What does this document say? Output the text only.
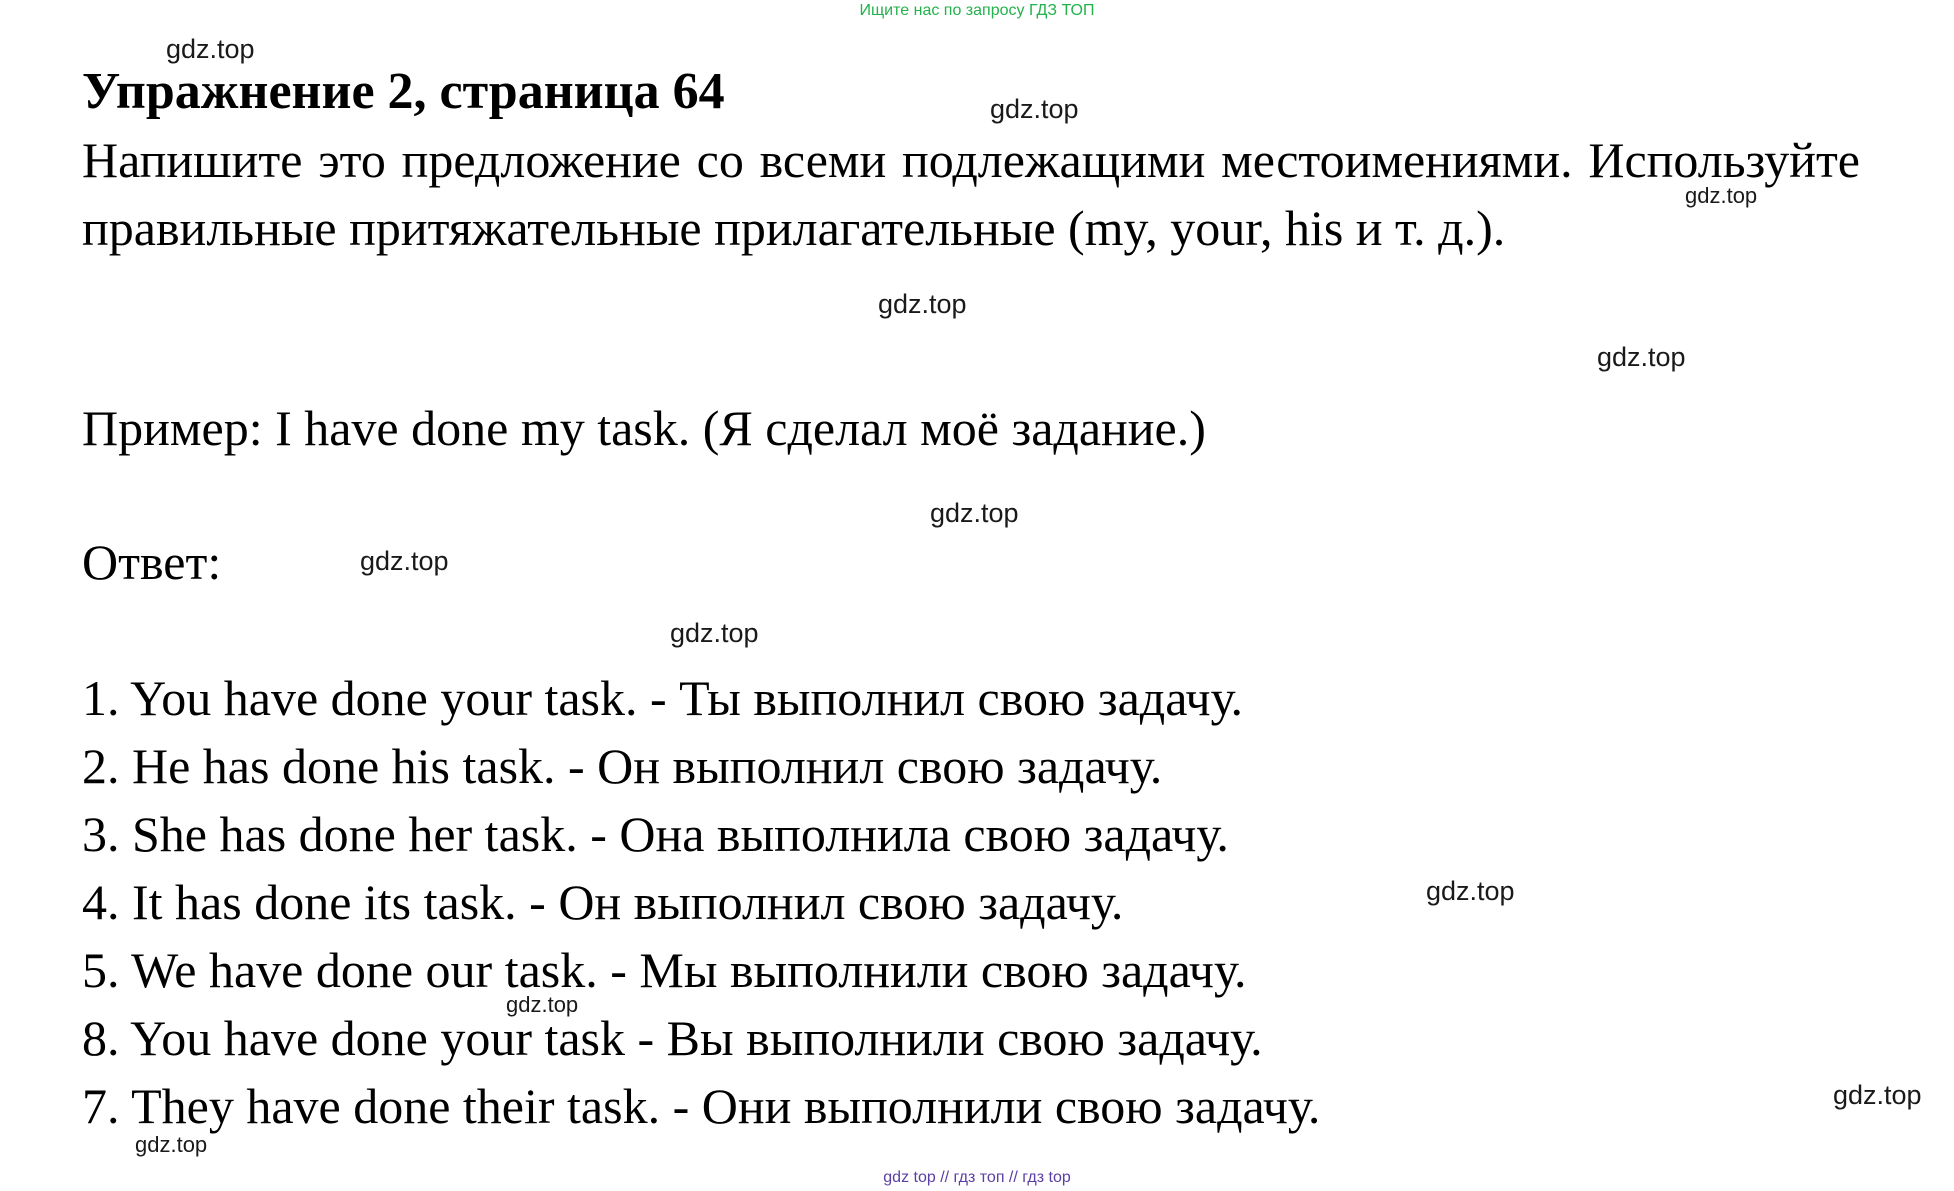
Ищите нас по запросу ГДЗ ТОП
Упражнение 2, страница 64

Напишите это предложение со всеми подлежащими местоимениями. Используйте правильные притяжательные прилагательные (my, your, his и т. д.).

Пример: I have done my task. (Я сделал моё задание.)

Ответ:

1. You have done your task. - Ты выполнил свою задачу.
2. He has done his task. - Он выполнил свою задачу.
3. She has done her task. - Она выполнила свою задачу.
4. It has done its task. - Он выполнил свою задачу.
5. We have done our task. - Мы выполнили свою задачу.
8. You have done your task - Вы выполнили свою задачу.
7. They have done their task. - Они выполнили свою задачу.
gdz.top
gdz.top
gdz.top
gdz.top
gdz.top
gdz.top
gdz.top
gdz.top
gdz.top
gdz.top
gdz.top
gdz.top
gdz top // гдз топ // гдз top
